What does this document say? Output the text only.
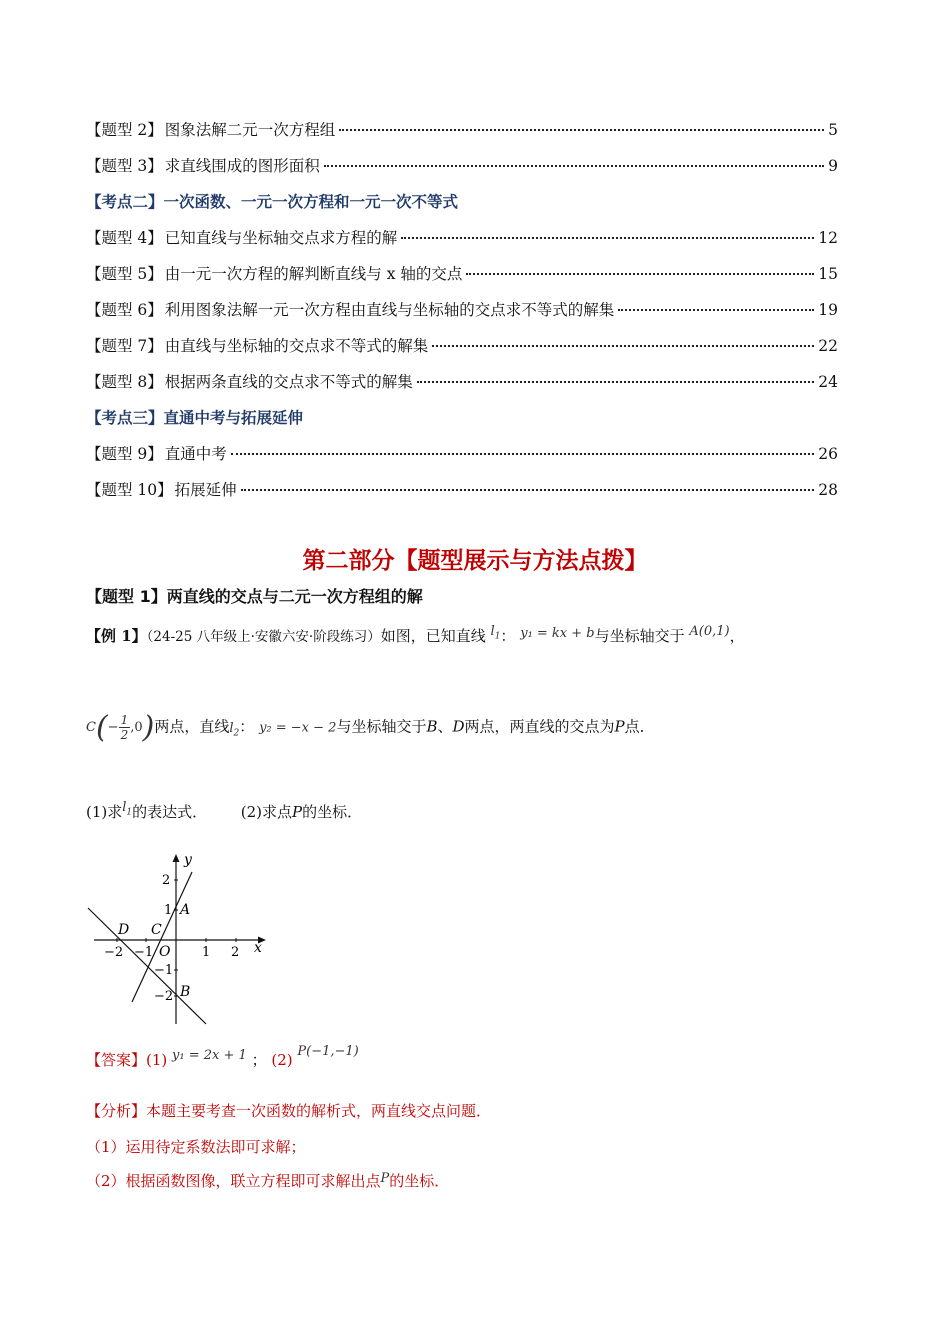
【题型 2】 图象法解二元一次方程组	5
【题型 3】 求直线围成的图形面积	9
【考点二】一次函数、一元一次方程和一元一次不等式
【题型 4】 已知直线与坐标轴交点求方程的解	12
【题型 5】 由一元一次方程的解判断直线与 x 轴的交点	15
【题型 6】 利用图象法解一元一次方程由直线与坐标轴的交点求不等式的解集	19
【题型 7】 由直线与坐标轴的交点求不等式的解集	22
【题型 8】 根据两条直线的交点求不等式的解集	24
【考点三】直通中考与拓展延伸
【题型 9】 直通中考	26
【题型 10】 拓展延伸	28
第二部分【题型展示与方法点拨】
【题型 1】两直线的交点与二元一次方程组的解
【例 1】（24-25 八年级上·安徽六安·阶段练习）如图，已知直线 $l_1$： y₁ = kx + b与坐标轴交于 A(0,1)，
C ( − $\frac{1}{2} ,0$ ) 两点，直线$l_2$： y₂ = −x − 2与坐标轴交于B、D两点，两直线的交点为P点．
(1)求$l_1$的表达式． (2)求点P的坐标．
y
x
−2 −1	1 2
2
1
−1
−2
O
A
B
C
D
【答案】(1) y₁ = 2x + 1 ； (2) P(−1,−1)
【分析】本题主要考查一次函数的解析式，两直线交点问题．
（1）运用待定系数法即可求解；
（2）根据函数图像，联立方程即可求解出点P的坐标．
